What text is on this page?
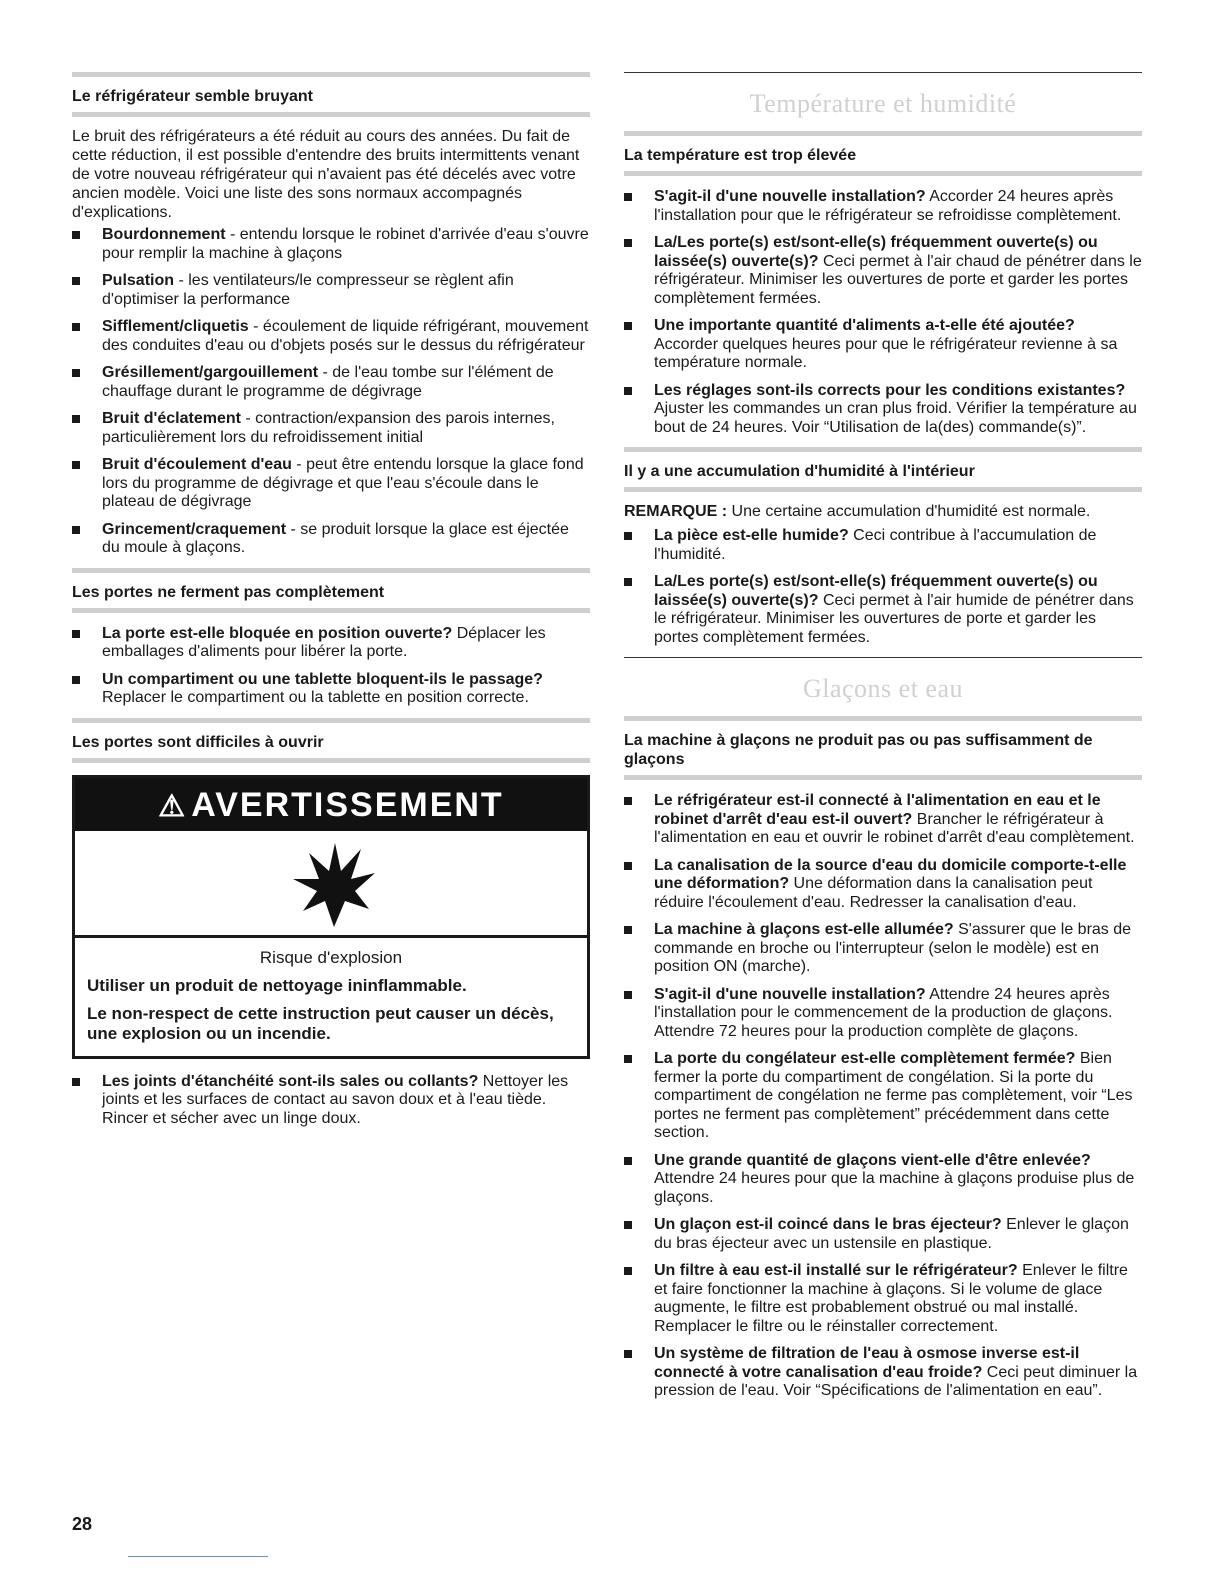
Le réfrigérateur semble bruyant

Le bruit des réfrigérateurs a été réduit au cours des années. Du fait de cette réduction, il est possible d'entendre des bruits intermittents venant de votre nouveau réfrigérateur qui n'avaient pas été décelés avec votre ancien modèle. Voici une liste des sons normaux accompagnés d'explications.

Bourdonnement - entendu lorsque le robinet d'arrivée d'eau s'ouvre pour remplir la machine à glaçons
Pulsation - les ventilateurs/le compresseur se règlent afin d'optimiser la performance
Sifflement/cliquetis - écoulement de liquide réfrigérant, mouvement des conduites d'eau ou d'objets posés sur le dessus du réfrigérateur
Grésillement/gargouillement - de l'eau tombe sur l'élément de chauffage durant le programme de dégivrage
Bruit d'éclatement - contraction/expansion des parois internes, particulièrement lors du refroidissement initial
Bruit d'écoulement d'eau - peut être entendu lorsque la glace fond lors du programme de dégivrage et que l'eau s'écoule dans le plateau de dégivrage
Grincement/craquement - se produit lorsque la glace est éjectée du moule à glaçons.
Les portes ne ferment pas complètement
La porte est-elle bloquée en position ouverte? Déplacer les emballages d'aliments pour libérer la porte.
Un compartiment ou une tablette bloquent-ils le passage? Replacer le compartiment ou la tablette en position correcte.
Les portes sont difficiles à ouvrir
⚠ AVERTISSEMENT
Risque d'explosion
Utiliser un produit de nettoyage ininflammable.
Le non-respect de cette instruction peut causer un décès, une explosion ou un incendie.
Les joints d'étanchéité sont-ils sales ou collants? Nettoyer les joints et les surfaces de contact au savon doux et à l'eau tiède. Rincer et sécher avec un linge doux.
Température et humidité
La température est trop élevée
S'agit-il d'une nouvelle installation? Accorder 24 heures après l'installation pour que le réfrigérateur se refroidisse complètement.
La/Les porte(s) est/sont-elle(s) fréquemment ouverte(s) ou laissée(s) ouverte(s)? Ceci permet à l'air chaud de pénétrer dans le réfrigérateur. Minimiser les ouvertures de porte et garder les portes complètement fermées.
Une importante quantité d'aliments a-t-elle été ajoutée? Accorder quelques heures pour que le réfrigérateur revienne à sa température normale.
Les réglages sont-ils corrects pour les conditions existantes? Ajuster les commandes un cran plus froid. Vérifier la température au bout de 24 heures. Voir “Utilisation de la(des) commande(s)”.
Il y a une accumulation d'humidité à l'intérieur

REMARQUE : Une certaine accumulation d'humidité est normale.

La pièce est-elle humide? Ceci contribue à l'accumulation de l'humidité.
La/Les porte(s) est/sont-elle(s) fréquemment ouverte(s) ou laissée(s) ouverte(s)? Ceci permet à l'air humide de pénétrer dans le réfrigérateur. Minimiser les ouvertures de porte et garder les portes complètement fermées.
Glaçons et eau
La machine à glaçons ne produit pas ou pas suffisamment de glaçons
Le réfrigérateur est-il connecté à l'alimentation en eau et le robinet d'arrêt d'eau est-il ouvert? Brancher le réfrigérateur à l'alimentation en eau et ouvrir le robinet d'arrêt d'eau complètement.
La canalisation de la source d'eau du domicile comporte-t-elle une déformation? Une déformation dans la canalisation peut réduire l'écoulement d'eau. Redresser la canalisation d'eau.
La machine à glaçons est-elle allumée? S'assurer que le bras de commande en broche ou l'interrupteur (selon le modèle) est en position ON (marche).
S'agit-il d'une nouvelle installation? Attendre 24 heures après l'installation pour le commencement de la production de glaçons. Attendre 72 heures pour la production complète de glaçons.
La porte du congélateur est-elle complètement fermée? Bien fermer la porte du compartiment de congélation. Si la porte du compartiment de congélation ne ferme pas complètement, voir “Les portes ne ferment pas complètement” précédemment dans cette section.
Une grande quantité de glaçons vient-elle d'être enlevée? Attendre 24 heures pour que la machine à glaçons produise plus de glaçons.
Un glaçon est-il coincé dans le bras éjecteur? Enlever le glaçon du bras éjecteur avec un ustensile en plastique.
Un filtre à eau est-il installé sur le réfrigérateur? Enlever le filtre et faire fonctionner la machine à glaçons. Si le volume de glace augmente, le filtre est probablement obstrué ou mal installé. Remplacer le filtre ou le réinstaller correctement.
Un système de filtration de l'eau à osmose inverse est-il connecté à votre canalisation d'eau froide? Ceci peut diminuer la pression de l'eau. Voir “Spécifications de l'alimentation en eau”.
28
